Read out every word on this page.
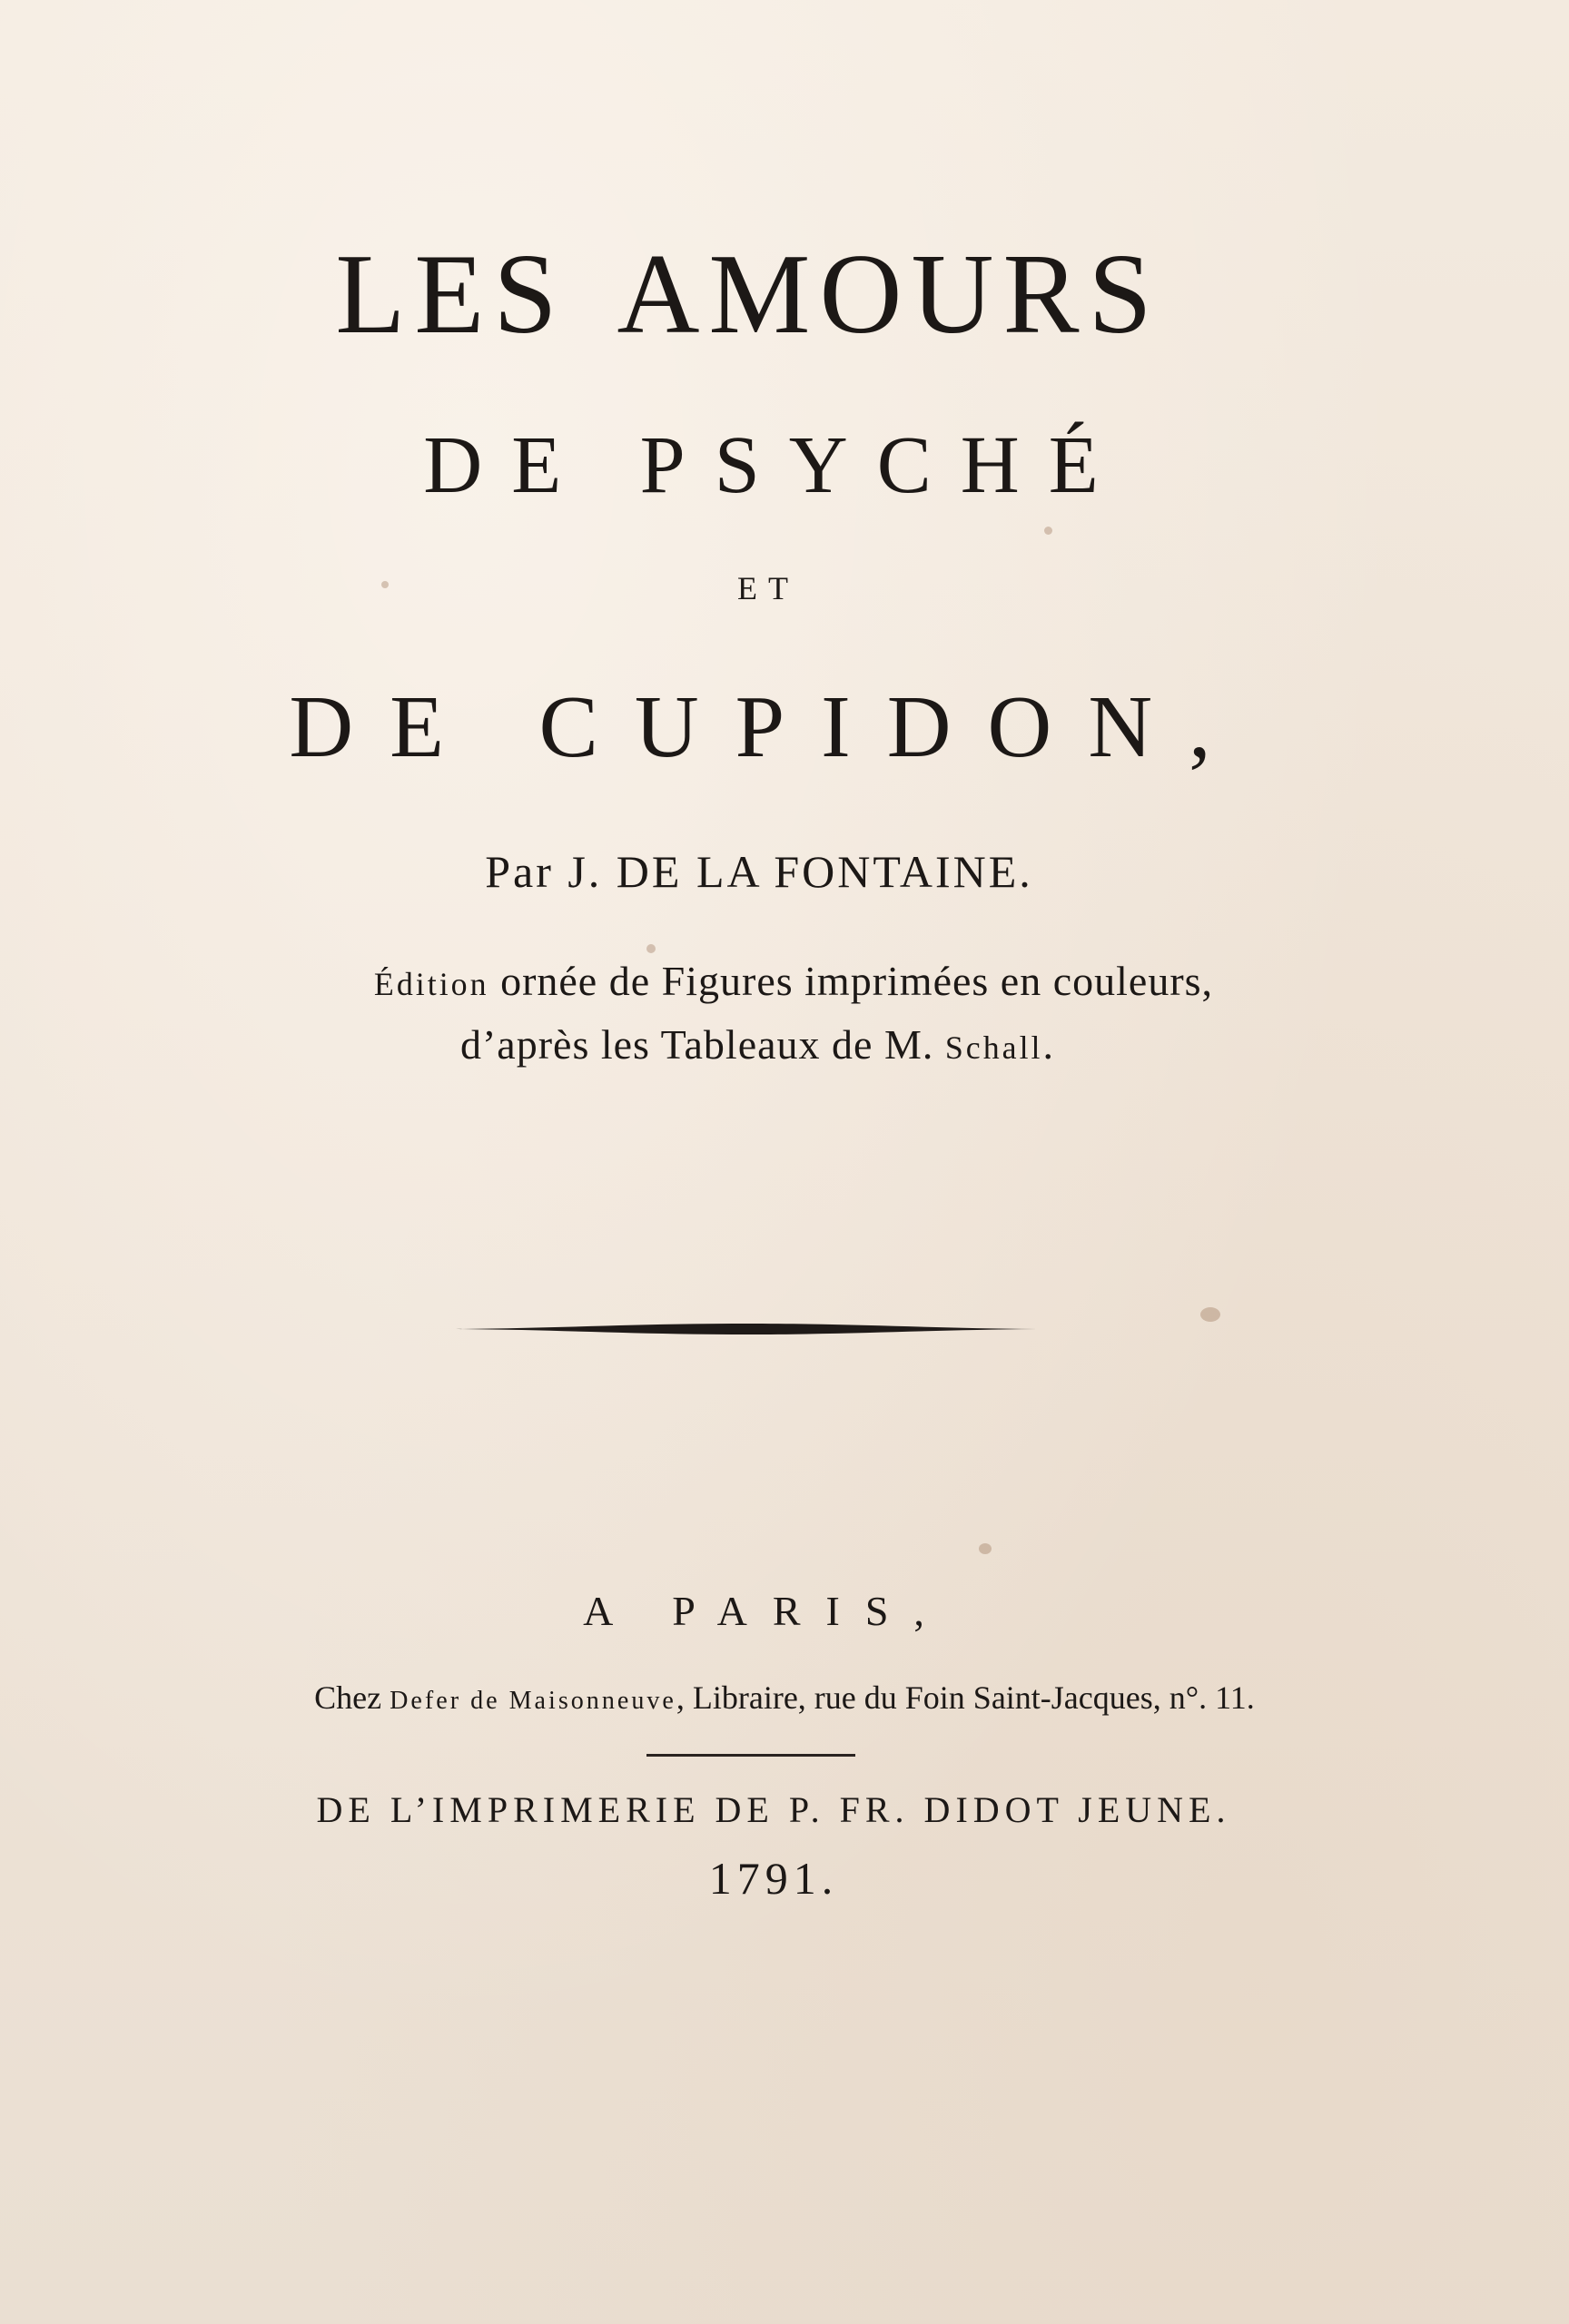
LES AMOURS
DE PSYCHÉ
ET
DE CUPIDON,
Par J. DE LA FONTAINE.
Édition ornée de Figures imprimées en couleurs,
d’après les Tableaux de M. Schall.
A PARIS,
Chez Defer de Maisonneuve, Libraire, rue du Foin Saint-Jacques, n°. 11.
DE L’IMPRIMERIE DE P. FR. DIDOT JEUNE.
1791.
